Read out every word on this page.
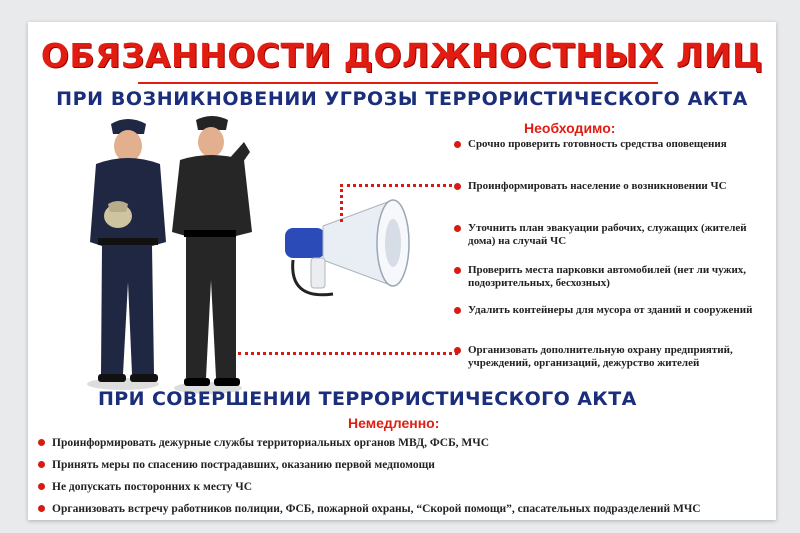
ОБЯЗАННОСТИ ДОЛЖНОСТНЫХ ЛИЦ
ПРИ ВОЗНИКНОВЕНИИ УГРОЗЫ ТЕРРОРИСТИЧЕСКОГО АКТА
Необходимо:
Срочно проверить готовность средства оповещения
Проинформировать население о возникновении ЧС
Уточнить план эвакуации рабочих, служащих (жителей дома) на случай ЧС
Проверить места парковки автомобилей (нет ли чужих, подозрительных, бесхозных)
Удалить контейнеры для мусора от зданий и сооружений
Организовать дополнительную охрану предприятий, учреждений, организаций, дежурство жителей
ПРИ СОВЕРШЕНИИ ТЕРРОРИСТИЧЕСКОГО АКТА
Немедленно:
Проинформировать дежурные службы территориальных органов МВД, ФСБ, МЧС
Принять меры по спасению пострадавших, оказанию первой медпомощи
Не допускать посторонних к месту ЧС
Организовать встречу работников полиции, ФСБ, пожарной охраны, “Скорой помощи”, спасательных подразделений МЧС
